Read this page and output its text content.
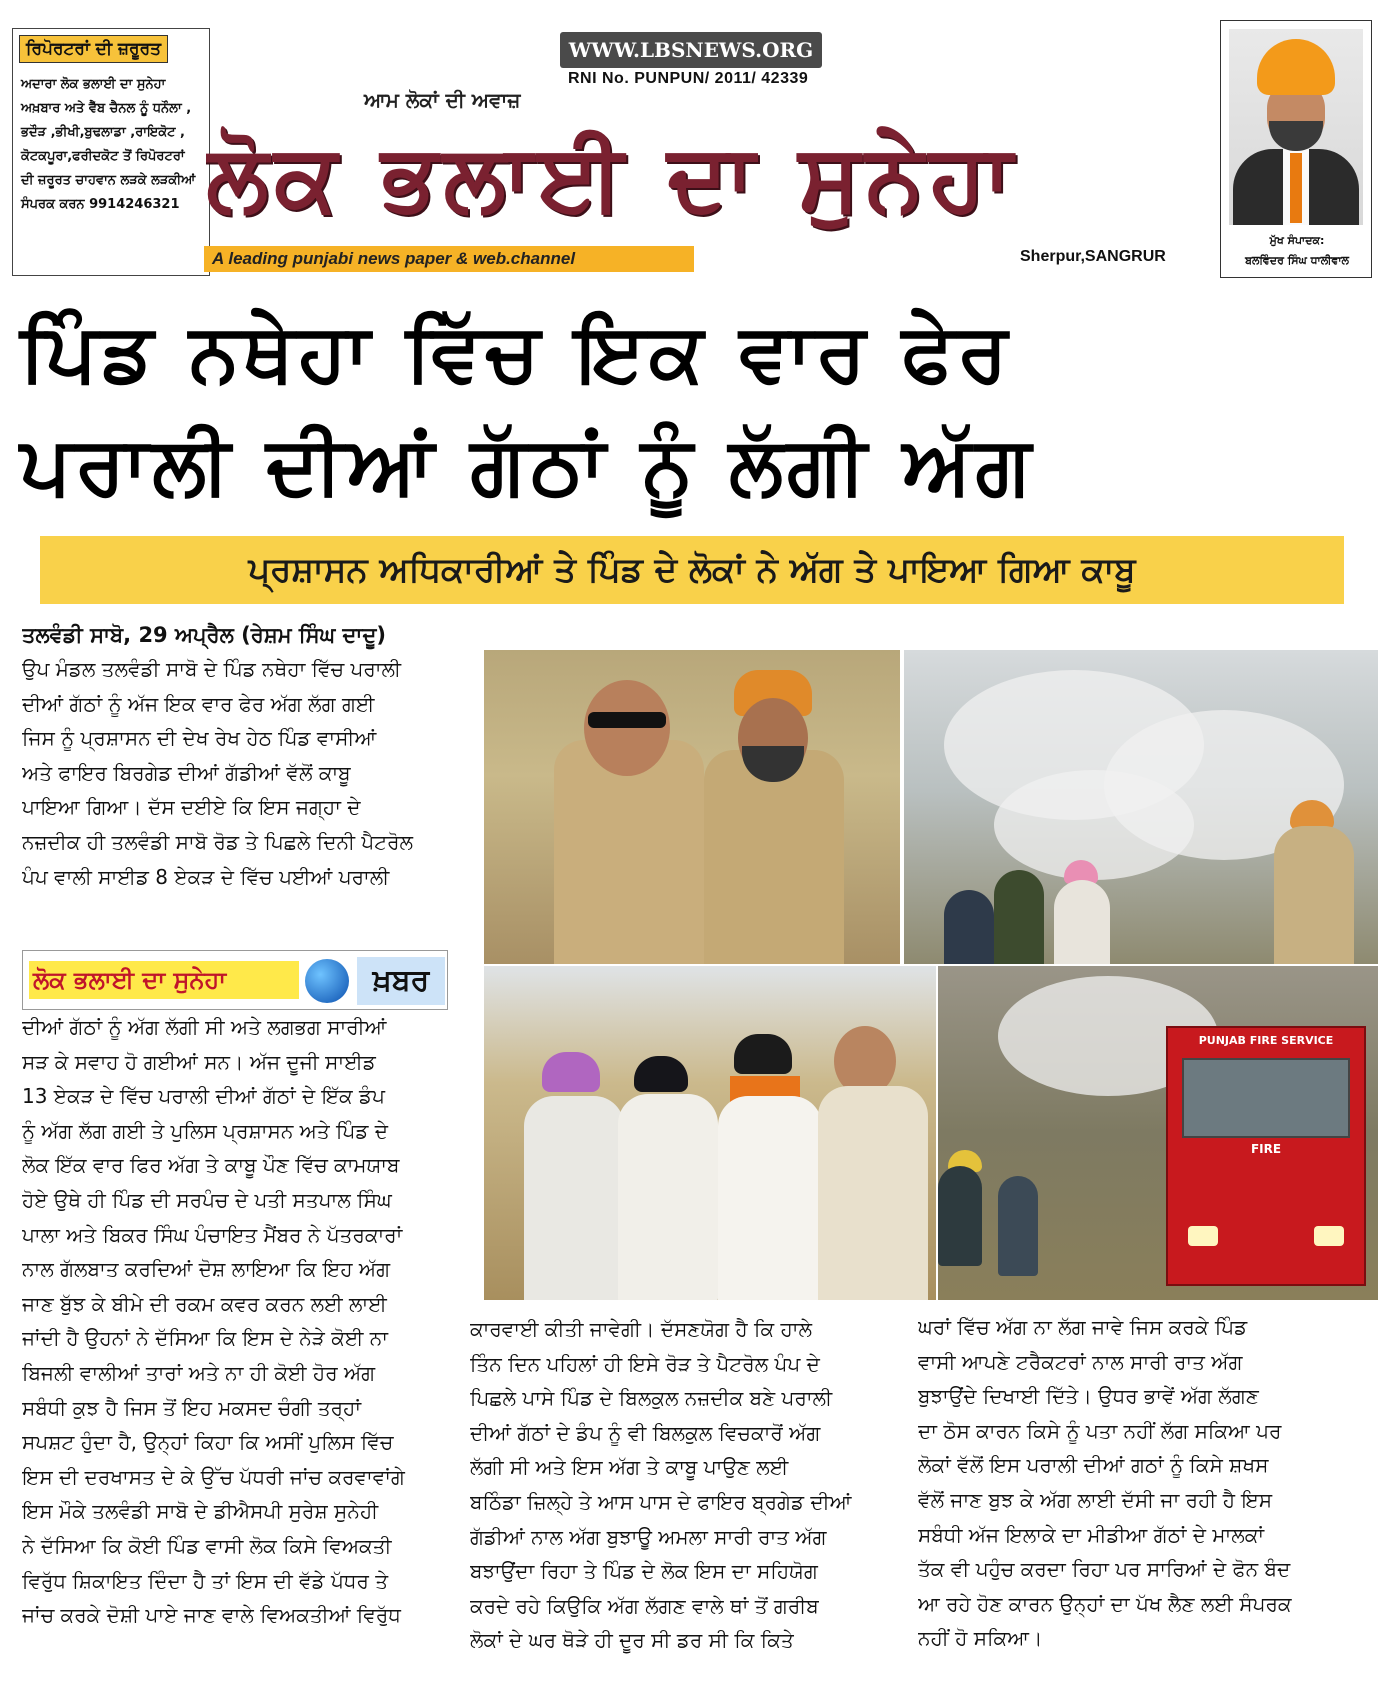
ਰਿਪੋਰਟਰਾਂ ਦੀ ਜ਼ਰੂਰਤ
ਅਦਾਰਾ ਲੋਕ ਭਲਾਈ ਦਾ ਸੁਨੇਹਾ
ਅਖ਼ਬਾਰ ਅਤੇ ਵੈੱਬ ਚੈਨਲ ਨੂੰ ਧਨੌਲਾ ,
ਭਦੌੜ ,ਭੀਖੀ,ਬੁਢਲਾਡਾ ,ਰਾਇਕੋਟ ,
ਕੋਟਕਪੂਰਾ,ਫਰੀਦਕੋਟ ਤੋਂ ਰਿਪੋਰਟਰਾਂ
ਦੀ ਜ਼ਰੂਰਤ ਚਾਹਵਾਨ ਲੜਕੇ ਲੜਕੀਆਂ
ਸੰਪਰਕ ਕਰਨ 9914246321
WWW.LBSNEWS.ORG
RNI No. PUNPUN/ 2011/ 42339
ਆਮ ਲੋਕਾਂ ਦੀ ਅਵਾਜ਼
ਲੋਕ ਭਲਾਈ ਦਾ ਸੁਨੇਹਾ
A leading punjabi news paper & web.channel	Sherpur,SANGRUR
ਮੁੱਖ ਸੰਪਾਦਕ:
ਬਲਵਿੰਦਰ ਸਿੰਘ ਧਾਲੀਵਾਲ
ਪਿੰਡ ਨਥੇਹਾ ਵਿੱਚ ਇਕ ਵਾਰ ਫੇਰ
ਪਰਾਲੀ ਦੀਆਂ ਗੱਠਾਂ ਨੂੰ ਲੱਗੀ ਅੱਗ
ਪ੍ਰਸ਼ਾਸਨ ਅਧਿਕਾਰੀਆਂ ਤੇ ਪਿੰਡ ਦੇ ਲੋਕਾਂ ਨੇ ਅੱਗ ਤੇ ਪਾਇਆ ਗਿਆ ਕਾਬੂ
ਤਲਵੰਡੀ ਸਾਬੋ, 29 ਅਪ੍ਰੈਲ (ਰੇਸ਼ਮ ਸਿੰਘ ਦਾਦੂ)
ਉਪ ਮੰਡਲ ਤਲਵੰਡੀ ਸਾਬੋ ਦੇ ਪਿੰਡ ਨਥੇਹਾ ਵਿੱਚ ਪਰਾਲੀ
ਦੀਆਂ ਗੱਠਾਂ ਨੂੰ ਅੱਜ ਇਕ ਵਾਰ ਫੇਰ ਅੱਗ ਲੱਗ ਗਈ
ਜਿਸ ਨੂੰ ਪ੍ਰਸ਼ਾਸਨ ਦੀ ਦੇਖ ਰੇਖ ਹੇਠ ਪਿੰਡ ਵਾਸੀਆਂ
ਅਤੇ ਫਾਇਰ ਬਿਰਗੇਡ ਦੀਆਂ ਗੱਡੀਆਂ ਵੱਲੋਂ ਕਾਬੂ
ਪਾਇਆ ਗਿਆ। ਦੱਸ ਦਈਏ ਕਿ ਇਸ ਜਗ੍ਹਾ ਦੇ
ਨਜ਼ਦੀਕ ਹੀ ਤਲਵੰਡੀ ਸਾਬੋ ਰੋਡ ਤੇ ਪਿਛਲੇ ਦਿਨੀ ਪੈਟਰੋਲ
ਪੰਪ ਵਾਲੀ ਸਾਈਡ 8 ਏਕੜ ਦੇ ਵਿੱਚ ਪਈਆਂ ਪਰਾਲੀ
ਲੋਕ ਭਲਾਈ ਦਾ ਸੁਨੇਹਾ	ਖ਼ਬਰ
ਦੀਆਂ ਗੱਠਾਂ ਨੂੰ ਅੱਗ ਲੱਗੀ ਸੀ ਅਤੇ ਲਗਭਗ ਸਾਰੀਆਂ
ਸੜ ਕੇ ਸਵਾਹ ਹੋ ਗਈਆਂ ਸਨ। ਅੱਜ ਦੂਜੀ ਸਾਈਡ
13 ਏਕੜ ਦੇ ਵਿੱਚ ਪਰਾਲੀ ਦੀਆਂ ਗੱਠਾਂ ਦੇ ਇੱਕ ਡੰਪ
ਨੂੰ ਅੱਗ ਲੱਗ ਗਈ ਤੇ ਪੁਲਿਸ ਪ੍ਰਸ਼ਾਸਨ ਅਤੇ ਪਿੰਡ ਦੇ
ਲੋਕ ਇੱਕ ਵਾਰ ਫਿਰ ਅੱਗ ਤੇ ਕਾਬੂ ਪੌਣ ਵਿੱਚ ਕਾਮਯਾਬ
ਹੋਏ ਉਥੇ ਹੀ ਪਿੰਡ ਦੀ ਸਰਪੰਚ ਦੇ ਪਤੀ ਸਤਪਾਲ ਸਿੰਘ
ਪਾਲਾ ਅਤੇ ਬਿਕਰ ਸਿੰਘ ਪੰਚਾਇਤ ਮੈਂਬਰ ਨੇ ਪੱਤਰਕਾਰਾਂ
ਨਾਲ ਗੱਲਬਾਤ ਕਰਦਿਆਂ ਦੋਸ਼ ਲਾਇਆ ਕਿ ਇਹ ਅੱਗ
ਜਾਣ ਬੁੱਝ ਕੇ ਬੀਮੇ ਦੀ ਰਕਮ ਕਵਰ ਕਰਨ ਲਈ ਲਾਈ
ਜਾਂਦੀ ਹੈ ਉਹਨਾਂ ਨੇ ਦੱਸਿਆ ਕਿ ਇਸ ਦੇ ਨੇੜੇ ਕੋਈ ਨਾ
ਬਿਜਲੀ ਵਾਲੀਆਂ ਤਾਰਾਂ ਅਤੇ ਨਾ ਹੀ ਕੋਈ ਹੋਰ ਅੱਗ
ਸਬੰਧੀ ਕੁਝ ਹੈ ਜਿਸ ਤੋਂ ਇਹ ਮਕਸਦ ਚੰਗੀ ਤਰ੍ਹਾਂ
ਸਪਸ਼ਟ ਹੁੰਦਾ ਹੈ, ਉਨ੍ਹਾਂ ਕਿਹਾ ਕਿ ਅਸੀਂ ਪੁਲਿਸ ਵਿੱਚ
ਇਸ ਦੀ ਦਰਖਾਸਤ ਦੇ ਕੇ ਉੱਚ ਪੱਧਰੀ ਜਾਂਚ ਕਰਵਾਵਾਂਗੇ
ਇਸ ਮੌਕੇ ਤਲਵੰਡੀ ਸਾਬੋ ਦੇ ਡੀਐਸਪੀ ਸੁਰੇਸ਼ ਸੁਨੇਹੀ
ਨੇ ਦੱਸਿਆ ਕਿ ਕੋਈ ਪਿੰਡ ਵਾਸੀ ਲੋਕ ਕਿਸੇ ਵਿਅਕਤੀ
ਵਿਰੁੱਧ ਸ਼ਿਕਾਇਤ ਦਿੰਦਾ ਹੈ ਤਾਂ ਇਸ ਦੀ ਵੱਡੇ ਪੱਧਰ ਤੇ
ਜਾਂਚ ਕਰਕੇ ਦੋਸ਼ੀ ਪਾਏ ਜਾਣ ਵਾਲੇ ਵਿਅਕਤੀਆਂ ਵਿਰੁੱਧ
PUNJAB FIRE SERVICE
FIRE
ਕਾਰਵਾਈ ਕੀਤੀ ਜਾਵੇਗੀ। ਦੱਸਣਯੋਗ ਹੈ ਕਿ ਹਾਲੇ
ਤਿੰਨ ਦਿਨ ਪਹਿਲਾਂ ਹੀ ਇਸੇ ਰੋੜ ਤੇ ਪੈਟਰੋਲ ਪੰਪ ਦੇ
ਪਿਛਲੇ ਪਾਸੇ ਪਿੰਡ ਦੇ ਬਿਲਕੁਲ ਨਜ਼ਦੀਕ ਬਣੇ ਪਰਾਲੀ
ਦੀਆਂ ਗੱਠਾਂ ਦੇ ਡੰਪ ਨੂੰ ਵੀ ਬਿਲਕੁਲ ਵਿਚਕਾਰੋਂ ਅੱਗ
ਲੱਗੀ ਸੀ ਅਤੇ ਇਸ ਅੱਗ ਤੇ ਕਾਬੂ ਪਾਉਣ ਲਈ
ਬਠਿੰਡਾ ਜ਼ਿਲ੍ਹੇ ਤੇ ਆਸ ਪਾਸ ਦੇ ਫਾਇਰ ਬ੍ਰਗੇਡ ਦੀਆਂ
ਗੱਡੀਆਂ ਨਾਲ ਅੱਗ ਬੁਝਾਊ ਅਮਲਾ ਸਾਰੀ ਰਾਤ ਅੱਗ
ਬਝਾਉਂਦਾ ਰਿਹਾ ਤੇ ਪਿੰਡ ਦੇ ਲੋਕ ਇਸ ਦਾ ਸਹਿਯੋਗ
ਕਰਦੇ ਰਹੇ ਕਿਉਕਿ ਅੱਗ ਲੱਗਣ ਵਾਲੇ ਥਾਂ ਤੋਂ ਗਰੀਬ
ਲੋਕਾਂ ਦੇ ਘਰ ਥੋੜੇ ਹੀ ਦੂਰ ਸੀ ਡਰ ਸੀ ਕਿ ਕਿਤੇ
ਘਰਾਂ ਵਿੱਚ ਅੱਗ ਨਾ ਲੱਗ ਜਾਵੇ ਜਿਸ ਕਰਕੇ ਪਿੰਡ
ਵਾਸੀ ਆਪਣੇ ਟਰੈਕਟਰਾਂ ਨਾਲ ਸਾਰੀ ਰਾਤ ਅੱਗ
ਬੁਝਾਉਂਦੇ ਦਿਖਾਈ ਦਿੱਤੇ। ਉਧਰ ਭਾਵੇਂ ਅੱਗ ਲੱਗਣ
ਦਾ ਠੋਸ ਕਾਰਨ ਕਿਸੇ ਨੂੰ ਪਤਾ ਨਹੀਂ ਲੱਗ ਸਕਿਆ ਪਰ
ਲੋਕਾਂ ਵੱਲੋਂ ਇਸ ਪਰਾਲੀ ਦੀਆਂ ਗਠਾਂ ਨੂੰ ਕਿਸੇ ਸ਼ਖਸ
ਵੱਲੋਂ ਜਾਣ ਬੁਝ ਕੇ ਅੱਗ ਲਾਈ ਦੱਸੀ ਜਾ ਰਹੀ ਹੈ ਇਸ
ਸਬੰਧੀ ਅੱਜ ਇਲਾਕੇ ਦਾ ਮੀਡੀਆ ਗੱਠਾਂ ਦੇ ਮਾਲਕਾਂ
ਤੱਕ ਵੀ ਪਹੁੰਚ ਕਰਦਾ ਰਿਹਾ ਪਰ ਸਾਰਿਆਂ ਦੇ ਫੋਨ ਬੰਦ
ਆ ਰਹੇ ਹੋਣ ਕਾਰਨ ਉਨ੍ਹਾਂ ਦਾ ਪੱਖ ਲੈਣ ਲਈ ਸੰਪਰਕ
ਨਹੀਂ ਹੋ ਸਕਿਆ।
